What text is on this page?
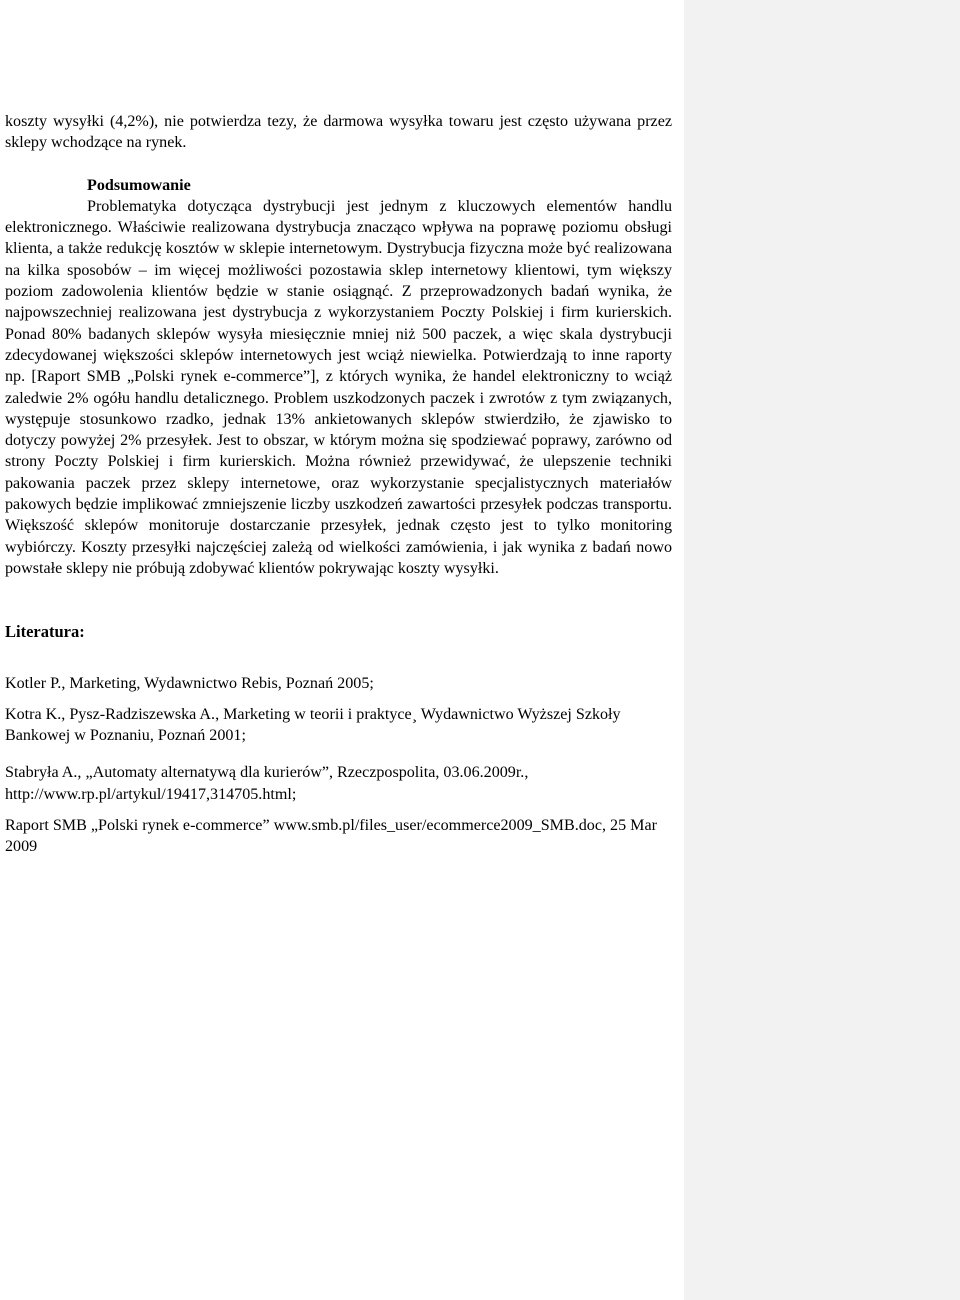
koszty wysyłki (4,2%), nie potwierdza tezy, że darmowa wysyłka towaru jest często używana przez sklepy wchodzące na rynek.

Podsumowanie

Problematyka dotycząca dystrybucji jest jednym z kluczowych elementów handlu elektronicznego. Właściwie realizowana dystrybucja znacząco wpływa na poprawę poziomu obsługi klienta, a także redukcję kosztów w sklepie internetowym. Dystrybucja fizyczna może być realizowana na kilka sposobów – im więcej możliwości pozostawia sklep internetowy klientowi, tym większy poziom zadowolenia klientów będzie w stanie osiągnąć. Z przeprowadzonych badań wynika, że najpowszechniej realizowana jest dystrybucja z wykorzystaniem Poczty Polskiej i firm kurierskich. Ponad 80% badanych sklepów wysyła miesięcznie mniej niż 500 paczek, a więc skala dystrybucji zdecydowanej większości sklepów internetowych jest wciąż niewielka. Potwierdzają to inne raporty np. [Raport SMB „Polski rynek e-commerce”], z których wynika, że handel elektroniczny to wciąż zaledwie 2% ogółu handlu detalicznego. Problem uszkodzonych paczek i zwrotów z tym związanych, występuje stosunkowo rzadko, jednak 13% ankietowanych sklepów stwierdziło, że zjawisko to dotyczy powyżej 2% przesyłek. Jest to obszar, w którym można się spodziewać poprawy, zarówno od strony Poczty Polskiej i firm kurierskich. Można również przewidywać, że ulepszenie techniki pakowania paczek przez sklepy internetowe, oraz wykorzystanie specjalistycznych materiałów pakowych będzie implikować zmniejszenie liczby uszkodzeń zawartości przesyłek podczas transportu. Większość sklepów monitoruje dostarczanie przesyłek, jednak często jest to tylko monitoring wybiórczy. Koszty przesyłki najczęściej zależą od wielkości zamówienia, i jak wynika z badań nowo powstałe sklepy nie próbują zdobywać klientów pokrywając koszty wysyłki.

Literatura:

Kotler P., Marketing, Wydawnictwo Rebis, Poznań 2005;

Kotra K., Pysz-Radziszewska A., Marketing w teorii i praktyce¸ Wydawnictwo Wyższej Szkoły Bankowej w Poznaniu, Poznań 2001;

Stabryła A., „Automaty alternatywą dla kurierów”, Rzeczpospolita, 03.06.2009r., http://www.rp.pl/artykul/19417,314705.html;

Raport SMB „Polski rynek e-commerce” www.smb.pl/files_user/ecommerce2009_SMB.doc, 25 Mar 2009
